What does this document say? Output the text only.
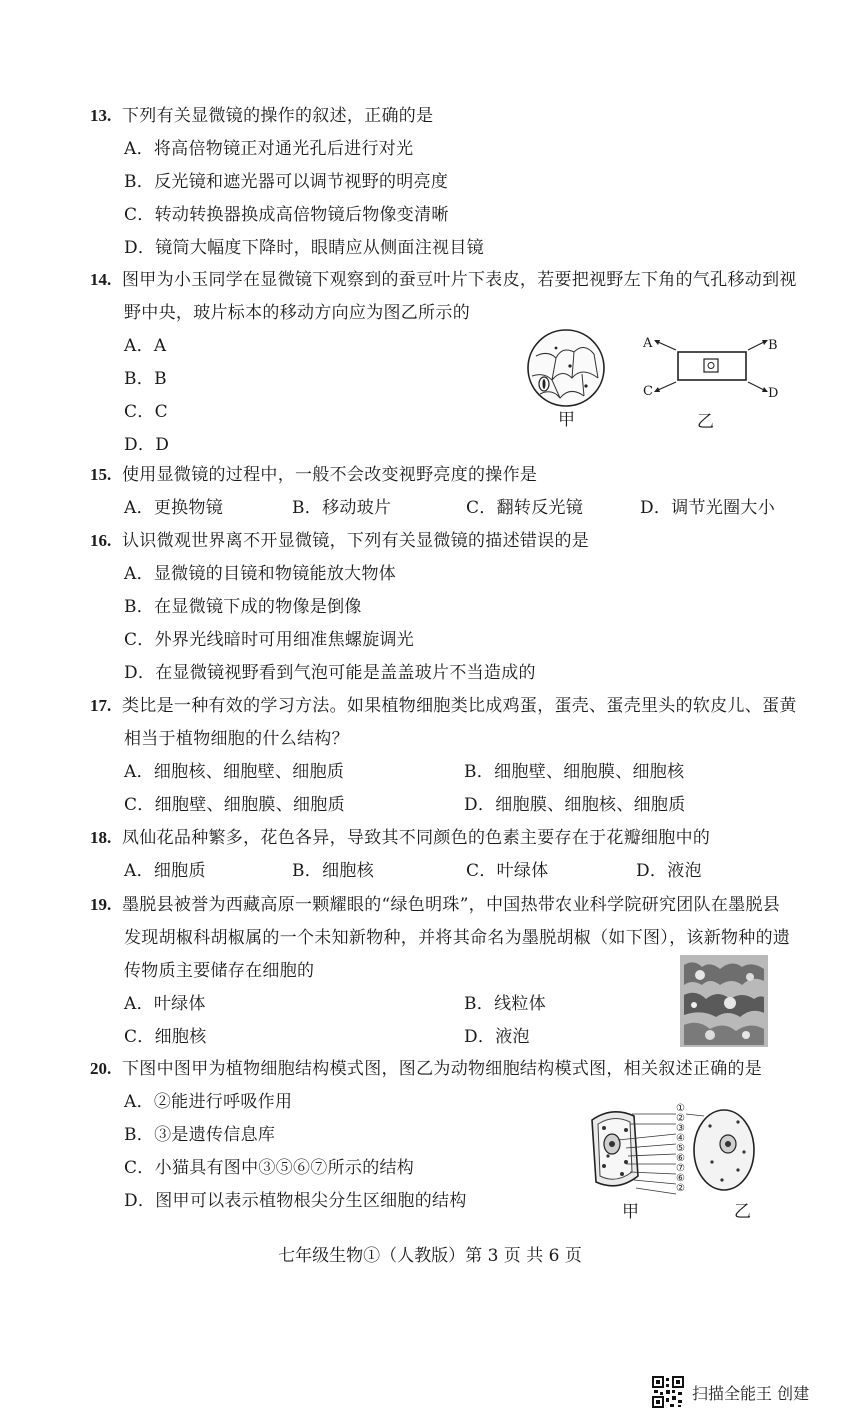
13. 下列有关显微镜的操作的叙述，正确的是
A．将高倍物镜正对通光孔后进行对光
B．反光镜和遮光器可以调节视野的明亮度
C．转动转换器换成高倍物镜后物像变清晰
D．镜筒大幅度下降时，眼睛应从侧面注视目镜
14. 图甲为小玉同学在显微镜下观察到的蚕豆叶片下表皮，若要把视野左下角的气孔移动到视
野中央，玻片标本的移动方向应为图乙所示的
A．A
B．B
C．C
D．D
甲
A	B
C	D
乙
15. 使用显微镜的过程中，一般不会改变视野亮度的操作是
A．更换物镜	B．移动玻片	C．翻转反光镜	D．调节光圈大小
16. 认识微观世界离不开显微镜，下列有关显微镜的描述错误的是
A．显微镜的目镜和物镜能放大物体
B．在显微镜下成的物像是倒像
C．外界光线暗时可用细准焦螺旋调光
D．在显微镜视野看到气泡可能是盖盖玻片不当造成的
17. 类比是一种有效的学习方法。如果植物细胞类比成鸡蛋，蛋壳、蛋壳里头的软皮儿、蛋黄
相当于植物细胞的什么结构？
A．细胞核、细胞壁、细胞质	B．细胞壁、细胞膜、细胞核
C．细胞壁、细胞膜、细胞质	D．细胞膜、细胞核、细胞质
18. 凤仙花品种繁多，花色各异，导致其不同颜色的色素主要存在于花瓣细胞中的
A．细胞质	B．细胞核	C．叶绿体	D．液泡
19. 墨脱县被誉为西藏高原一颗耀眼的“绿色明珠”，中国热带农业科学院研究团队在墨脱县
发现胡椒科胡椒属的一个未知新物种，并将其命名为墨脱胡椒（如下图），该新物种的遗
传物质主要储存在细胞的
A．叶绿体	B．线粒体
C．细胞核	D．液泡
20. 下图中图甲为植物细胞结构模式图，图乙为动物细胞结构模式图，相关叙述正确的是
A．②能进行呼吸作用
B．③是遗传信息库
C．小猫具有图中③⑤⑥⑦所示的结构
D．图甲可以表示植物根尖分生区细胞的结构
①
②
③
④
⑤
⑥
⑦
⑥
②
甲	乙
七年级生物①（人教版）第 3 页 共 6 页
扫描全能王 创建
